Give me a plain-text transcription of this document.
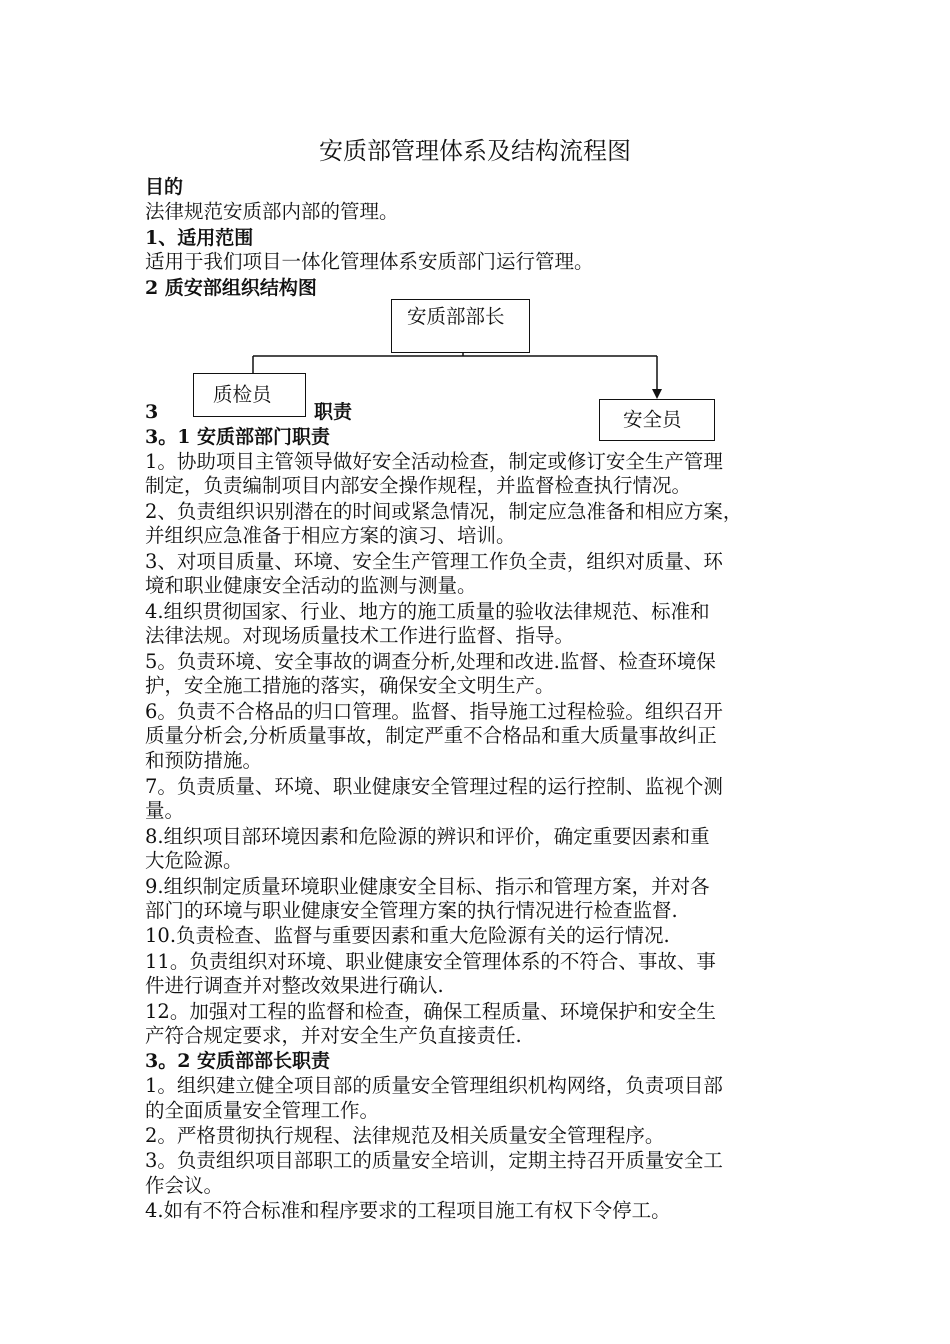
安质部管理体系及结构流程图
目的
法律规范安质部内部的管理。
1、适用范围
适用于我们项目一体化管理体系安质部门运行管理。
2 质安部组织结构图
安质部部长
质检员
安全员
3	职责
3。1 安质部部门职责
1。协助项目主管领导做好安全活动检查，制定或修订安全生产管理
制定，负责编制项目内部安全操作规程，并监督检查执行情况。
2、负责组织识别潜在的时间或紧急情况，制定应急准备和相应方案，
并组织应急准备于相应方案的演习、培训。
3、对项目质量、环境、安全生产管理工作负全责，组织对质量、环
境和职业健康安全活动的监测与测量。
4.组织贯彻国家、行业、地方的施工质量的验收法律规范、标准和
法律法规。对现场质量技术工作进行监督、指导。
5。负责环境、安全事故的调查分析,处理和改进.监督、检查环境保
护，安全施工措施的落实，确保安全文明生产。
6。负责不合格品的归口管理。监督、指导施工过程检验。组织召开
质量分析会,分析质量事故，制定严重不合格品和重大质量事故纠正
和预防措施。
7。负责质量、环境、职业健康安全管理过程的运行控制、监视个测
量。
8.组织项目部环境因素和危险源的辨识和评价，确定重要因素和重
大危险源。
9.组织制定质量环境职业健康安全目标、指示和管理方案，并对各
部门的环境与职业健康安全管理方案的执行情况进行检查监督.
10.负责检查、监督与重要因素和重大危险源有关的运行情况.
11。负责组织对环境、职业健康安全管理体系的不符合、事故、事
件进行调查并对整改效果进行确认.
12。加强对工程的监督和检查，确保工程质量、环境保护和安全生
产符合规定要求，并对安全生产负直接责任.
3。2 安质部部长职责
1。组织建立健全项目部的质量安全管理组织机构网络，负责项目部
的全面质量安全管理工作。
2。严格贯彻执行规程、法律规范及相关质量安全管理程序。
3。负责组织项目部职工的质量安全培训，定期主持召开质量安全工
作会议。
4.如有不符合标准和程序要求的工程项目施工有权下令停工。
